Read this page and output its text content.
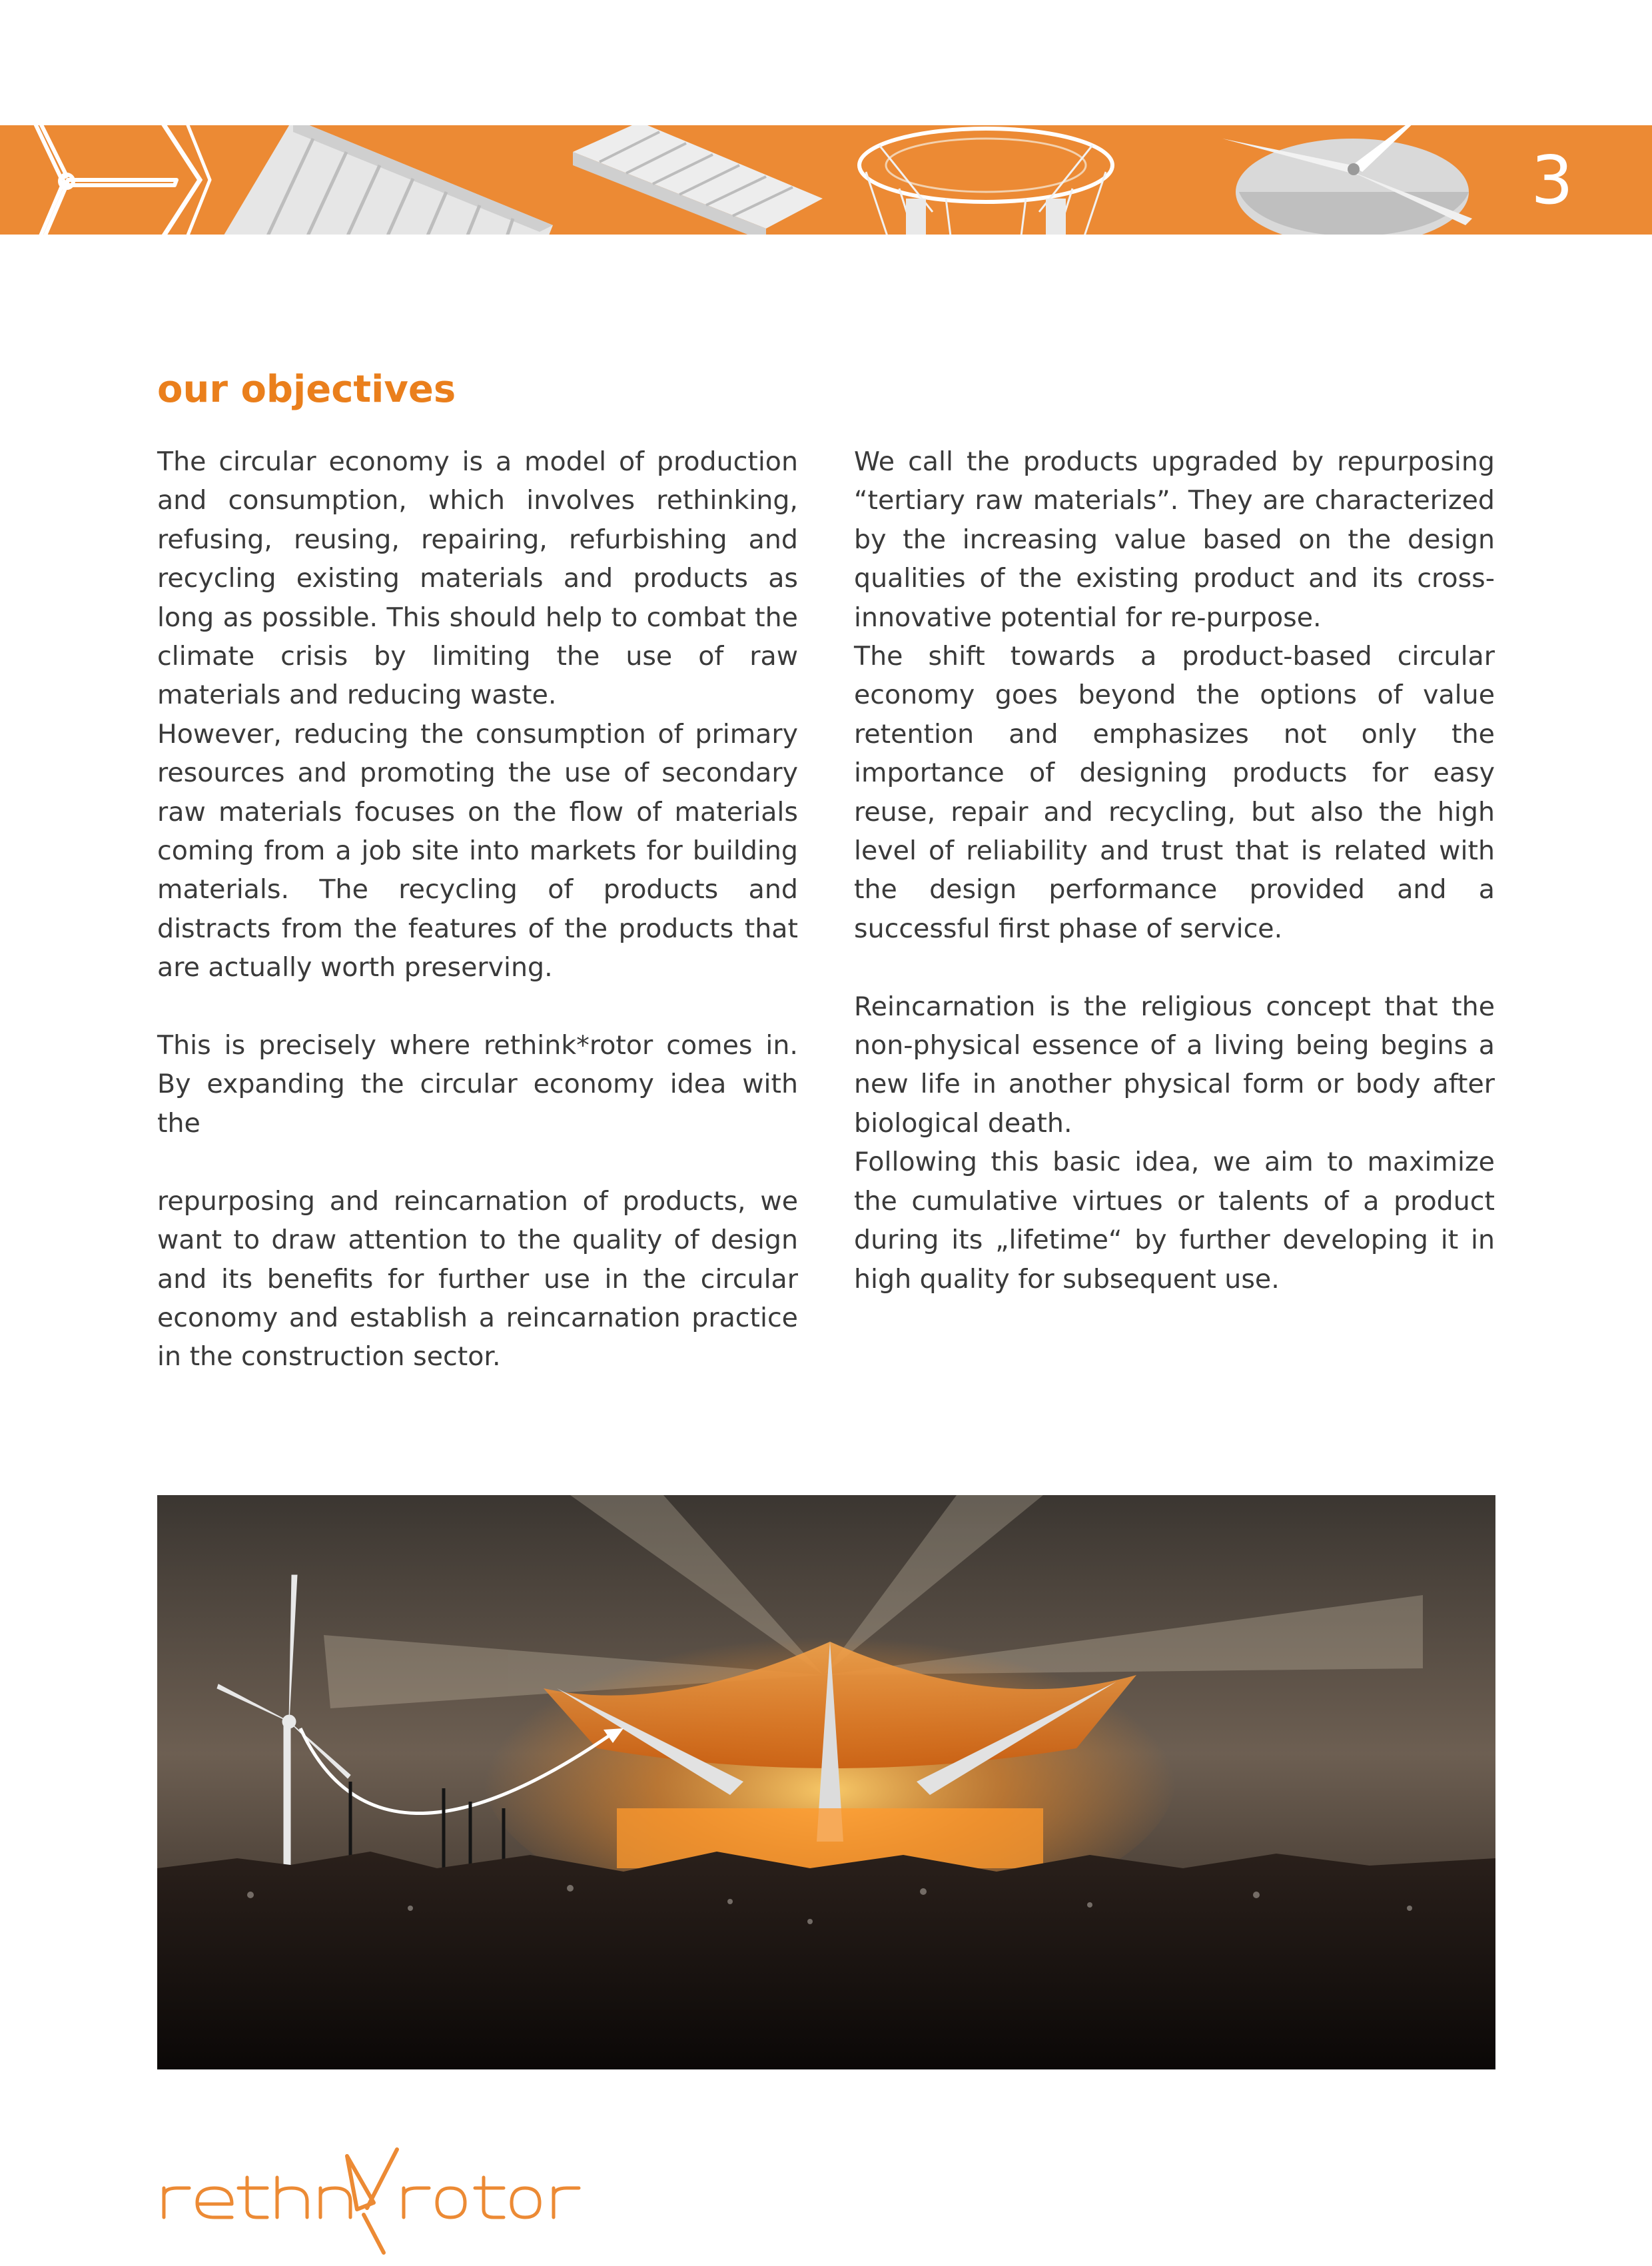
3
our objectives

The circular economy is a model of production and consumption, which involves rethinking, refusing, reusing, repairing, refurbishing and recycling existing materials and products as long as possible. This should help to combat the climate crisis by limiting the use of raw materials and reducing waste.

However, reducing the consumption of primary resources and promoting the use of secondary raw materials focuses on the flow of materials coming from a job site into markets for building materials. The recycling of products and distracts from the features of the products that are actually worth preserving.

This is precisely where rethink*rotor comes in. By expanding the circular economy idea with the

repurposing and reincarnation of products, we want to draw attention to the quality of design and its benefits for further use in the circular economy and establish a reincarnation practice in the construction sector.

We call the products upgraded by repurposing “tertiary raw materials”. They are characterized by the increasing value based on the design qualities of the existing product and its cross-innovative potential for re-purpose.

The shift towards a product-based circular economy goes beyond the options of value retention and emphasizes not only the importance of designing products for easy reuse, repair and recycling, but also the high level of reliability and trust that is related with the design performance provided and a successful first phase of service.

Reincarnation is the religious concept that the non-physical essence of a living being begins a new life in another physical form or body after biological death.

Following this basic idea, we aim to maximize the cumulative virtues or talents of a product during its „lifetime“ by further developing it in high quality for subsequent use.
